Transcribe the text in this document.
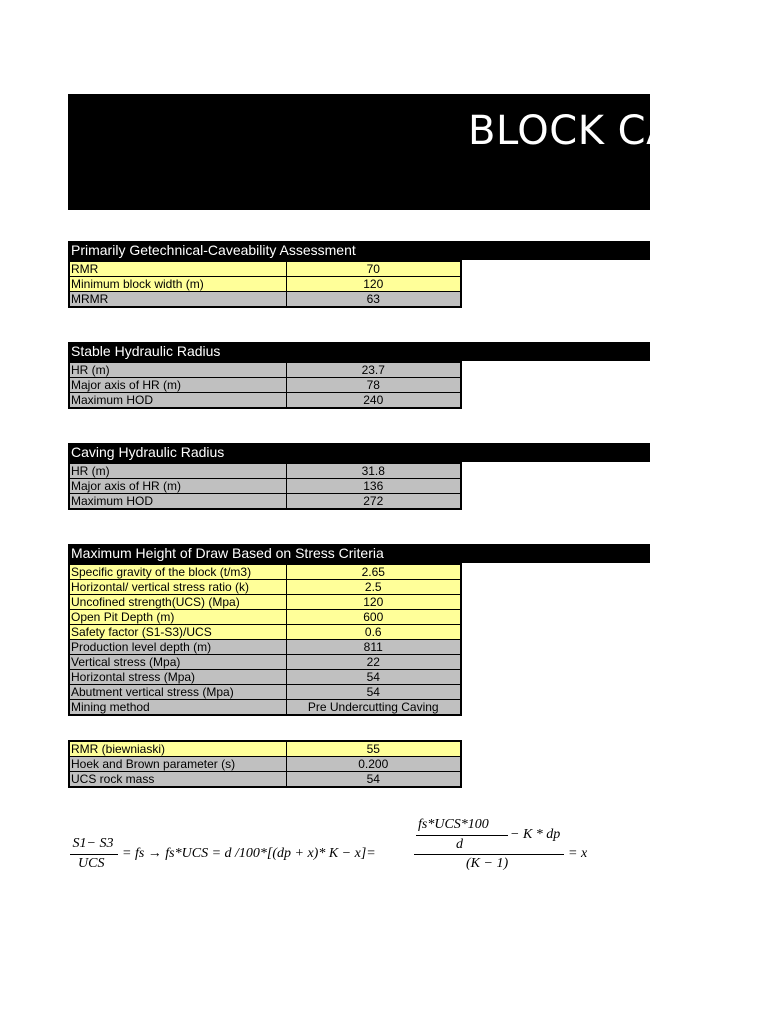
BLOCK CA
Primarily Getechnical-Caveability Assessment
RMR	70
Minimum block width (m)	120
MRMR	63
Stable Hydraulic Radius
HR (m)	23.7
Major axis of HR (m)	78
Maximum HOD	240
Caving Hydraulic Radius
HR (m)	31.8
Major axis of HR (m)	136
Maximum HOD	272
Maximum Height of Draw Based on Stress Criteria
Specific gravity of the block (t/m3)	2.65
Horizontal/ vertical stress ratio (k)	2.5
Uncofined strength(UCS) (Mpa)	120
Open Pit Depth (m)	600
Safety factor (S1-S3)/UCS	0.6
Production level depth (m)	811
Vertical stress (Mpa)	22
Horizontal stress (Mpa)	54
Abutment vertical stress (Mpa)	54
Mining method	Pre Undercutting Caving
RMR (biewniaski)	55
Hoek and Brown parameter (s)	0.200
UCS rock mass	54
S1− S3
UCS
= fs → fs*UCS = d /100*[(dp + x)* K − x]=
fs*UCS*100
d
− K * dp
(K − 1)
= x
